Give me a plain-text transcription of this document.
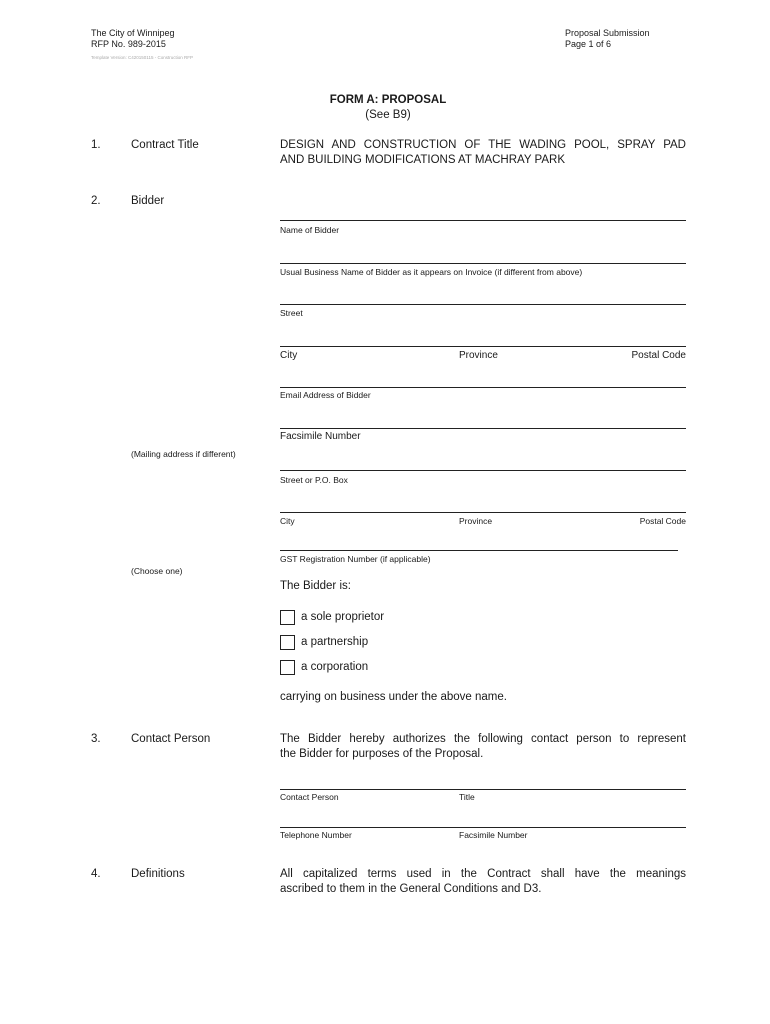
The City of Winnipeg
RFP No. 989-2015
Template Version: C420150115 - Construction RFP
Proposal Submission
Page 1 of 6
FORM A: PROPOSAL
(See B9)
1.	Contract Title	DESIGN AND CONSTRUCTION OF THE WADING POOL, SPRAY PAD
AND BUILDING MODIFICATIONS AT MACHRAY PARK
2.	Bidder
Name of Bidder
Usual Business Name of Bidder as it appears on Invoice (if different from above)
Street
City	Province	Postal Code
Email Address of Bidder
Facsimile Number
(Mailing address if different)
Street or P.O. Box
City	Province	Postal Code
GST Registration Number (if applicable)
(Choose one)
The Bidder is:
a sole proprietor
a partnership
a corporation
carrying on business under the above name.
3.	Contact Person	The Bidder hereby authorizes the following contact person to represent
the Bidder for purposes of the Proposal.
Contact Person	Title
Telephone Number	Facsimile Number
4.	Definitions	All capitalized terms used in the Contract shall have the meanings
ascribed to them in the General Conditions and D3.
